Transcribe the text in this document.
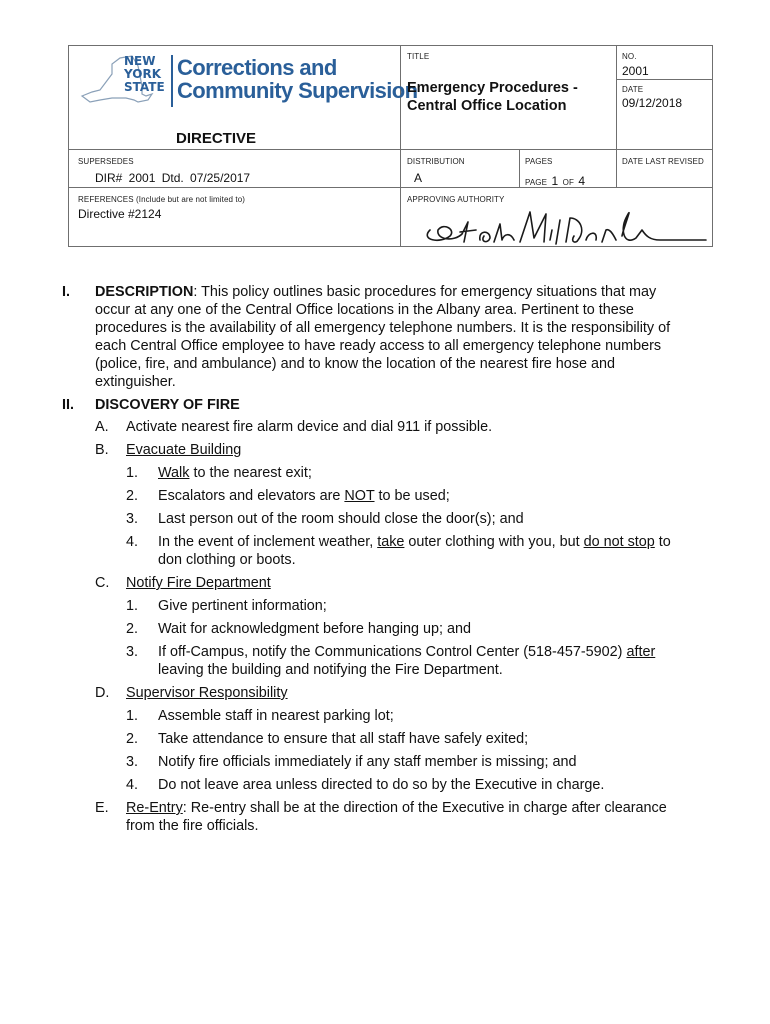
NEW
YORK
STATE
Corrections and
Community Supervision
DIRECTIVE
TITLE
Emergency Procedures -
Central Office Location
NO.
2001
DATE
09/12/2018
SUPERSEDES
DIR# 2001 Dtd. 07/25/2017
DISTRIBUTION
A
PAGES
PAGE 1 OF 4
DATE LAST REVISED
REFERENCES (Include but are not limited to)
Directive #2124
APPROVING AUTHORITY
I. DESCRIPTION: This policy outlines basic procedures for emergency situations that may
occur at any one of the Central Office locations in the Albany area. Pertinent to these
procedures is the availability of all emergency telephone numbers. It is the responsibility of
each Central Office employee to have ready access to all emergency telephone numbers
(police, fire, and ambulance) and to know the location of the nearest fire hose and
extinguisher.
II. DISCOVERY OF FIRE
A. Activate nearest fire alarm device and dial 911 if possible.
B. Evacuate Building
1. Walk to the nearest exit;
2. Escalators and elevators are NOT to be used;
3. Last person out of the room should close the door(s); and
4. In the event of inclement weather, take outer clothing with you, but do not stop to
don clothing or boots.
C. Notify Fire Department
1. Give pertinent information;
2. Wait for acknowledgment before hanging up; and
3. If off-Campus, notify the Communications Control Center (518-457-5902) after
leaving the building and notifying the Fire Department.
D. Supervisor Responsibility
1. Assemble staff in nearest parking lot;
2. Take attendance to ensure that all staff have safely exited;
3. Notify fire officials immediately if any staff member is missing; and
4. Do not leave area unless directed to do so by the Executive in charge.
E. Re-Entry: Re-entry shall be at the direction of the Executive in charge after clearance
from the fire officials.
